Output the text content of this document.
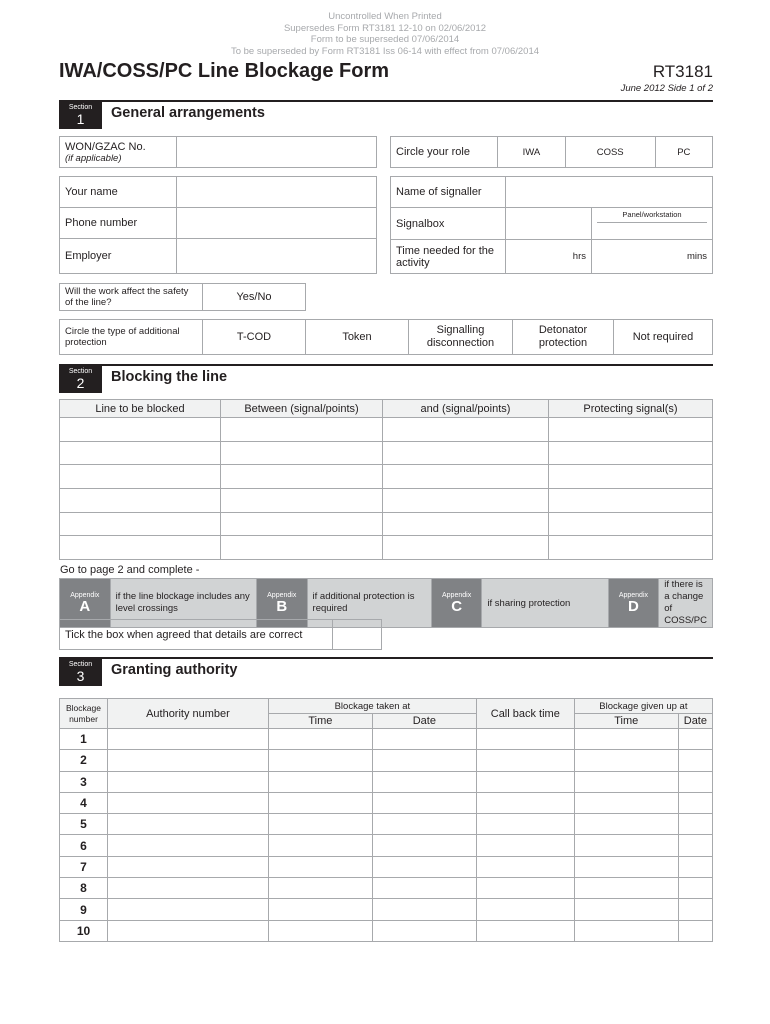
Uncontrolled When Printed
Supersedes Form RT3181 12-10 on 02/06/2012
Form to be superseded 07/06/2014
To be superseded by Form RT3181 Iss 06-14 with effect from 07/06/2014
IWA/COSS/PC Line Blockage Form	RT3181
June 2012 Side 1 of 2
Section
1	General arrangements
WON/GZAC No.
(if applicable)
		Circle your role	IWA	COSS	PC
Your name	
Phone number	
Employer	
Name of signaller		
Signalbox		Panel/workstation

Time needed for the activity	hrs	mins
Will the work affect the safety of the line?	Yes/No
Circle the type of additional protection	T-COD	Token	Signalling disconnection	Detonator protection	Not required
Section
2	Blocking the line
Line to be blocked	Between (signal/points)	and (signal/points)	Protecting signal(s)

Go to page 2 and complete -
Appendix
A
	if the line blockage includes any level crossings	
Appendix
B
	if additional protection is required	
Appendix
C	if sharing protection	
Appendix
D
	if there is a change of COSS/PC
Tick the box when agreed that details are correct	
Section
3	Granting authority
Blockage number	Authority number	Blockage taken at		Call back time	Blockage given up at	
		Time	Date		Time	Date
1						
2						
3						
4						
5						
6						
7						
8						
9						
10						
